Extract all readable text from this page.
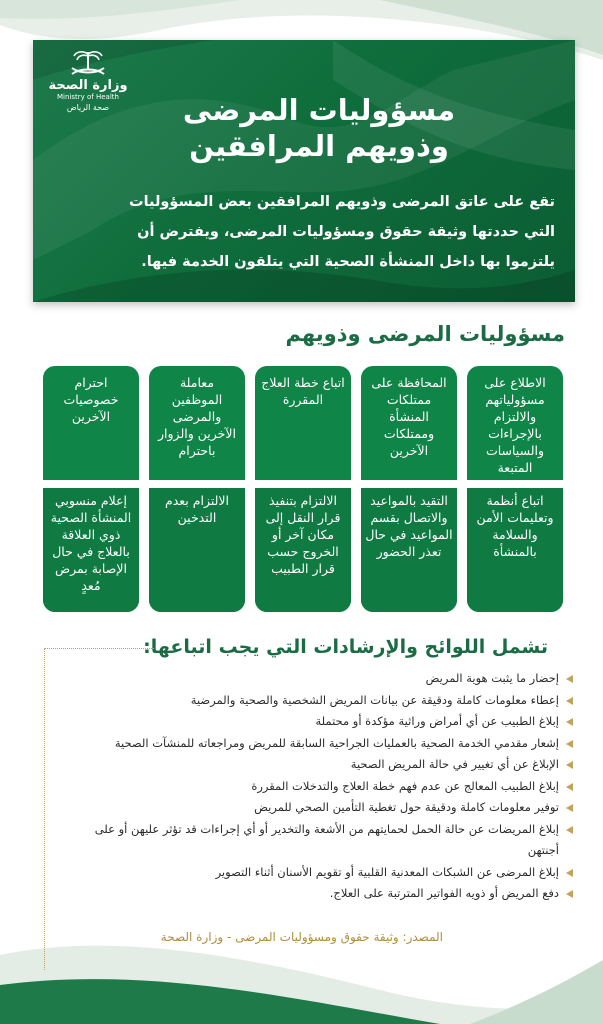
وزارة الصحة
Ministry of Health
صحة الرياض	مسؤوليات المرضى
وذويهم المرافقين
تقع على عاتق المرضى وذويهم المرافقين بعض المسؤوليات التي حددتها وثيقة حقوق ومسؤوليات المرضى، ويفترض أن يلتزموا بها داخل المنشأة الصحية التي يتلقون الخدمة فيها.
مسؤوليات المرضى وذويهم
الاطلاع على مسؤولياتهم والالتزام بالإجراءات والسياسات المتبعة
اتباع أنظمة وتعليمات الأمن والسلامة بالمنشأة
المحافظة على ممتلكات المنشأة وممتلكات الآخرين
التقيد بالمواعيد والاتصال بقسم المواعيد في حال تعذر الحضور
اتباع خطة العلاج المقررة
الالتزام بتنفيذ قرار النقل إلى مكان آخر أو الخروج حسب قرار الطبيب
معاملة الموظفين والمرضى الآخرين والزوار باحترام
الالتزام بعدم التدخين
احترام خصوصيات الآخرين
إعلام منسوبي المنشأة الصحية ذوي العلاقة بالعلاج في حال الإصابة بمرض مُعدٍ
تشمل اللوائح والإرشادات التي يجب اتباعها:
إحضار ما يثبت هوية المريض
إعطاء معلومات كاملة ودقيقة عن بيانات المريض الشخصية والصحية والمرضية
إبلاغ الطبيب عن أي أمراض وراثية مؤكدة أو محتملة
إشعار مقدمي الخدمة الصحية بالعمليات الجراحية السابقة للمريض ومراجعاته للمنشآت الصحية
الإبلاغ عن أي تغيير في حالة المريض الصحية
إبلاغ الطبيب المعالج عن عدم فهم خطة العلاج والتدخلات المقررة
توفير معلومات كاملة ودقيقة حول تغطية التأمين الصحي للمريض
إبلاغ المريضات عن حالة الحمل لحمايتهم من الأشعة والتخدير أو أي إجراءات قد تؤثر عليهن أو على أجنتهن
إبلاغ المرضى عن الشبكات المعدنية القلبية أو تقويم الأسنان أثناء التصوير
دفع المريض أو ذويه الفواتير المترتبة على العلاج.
المصدر: وثيقة حقوق ومسؤوليات المرضى - وزارة الصحة
